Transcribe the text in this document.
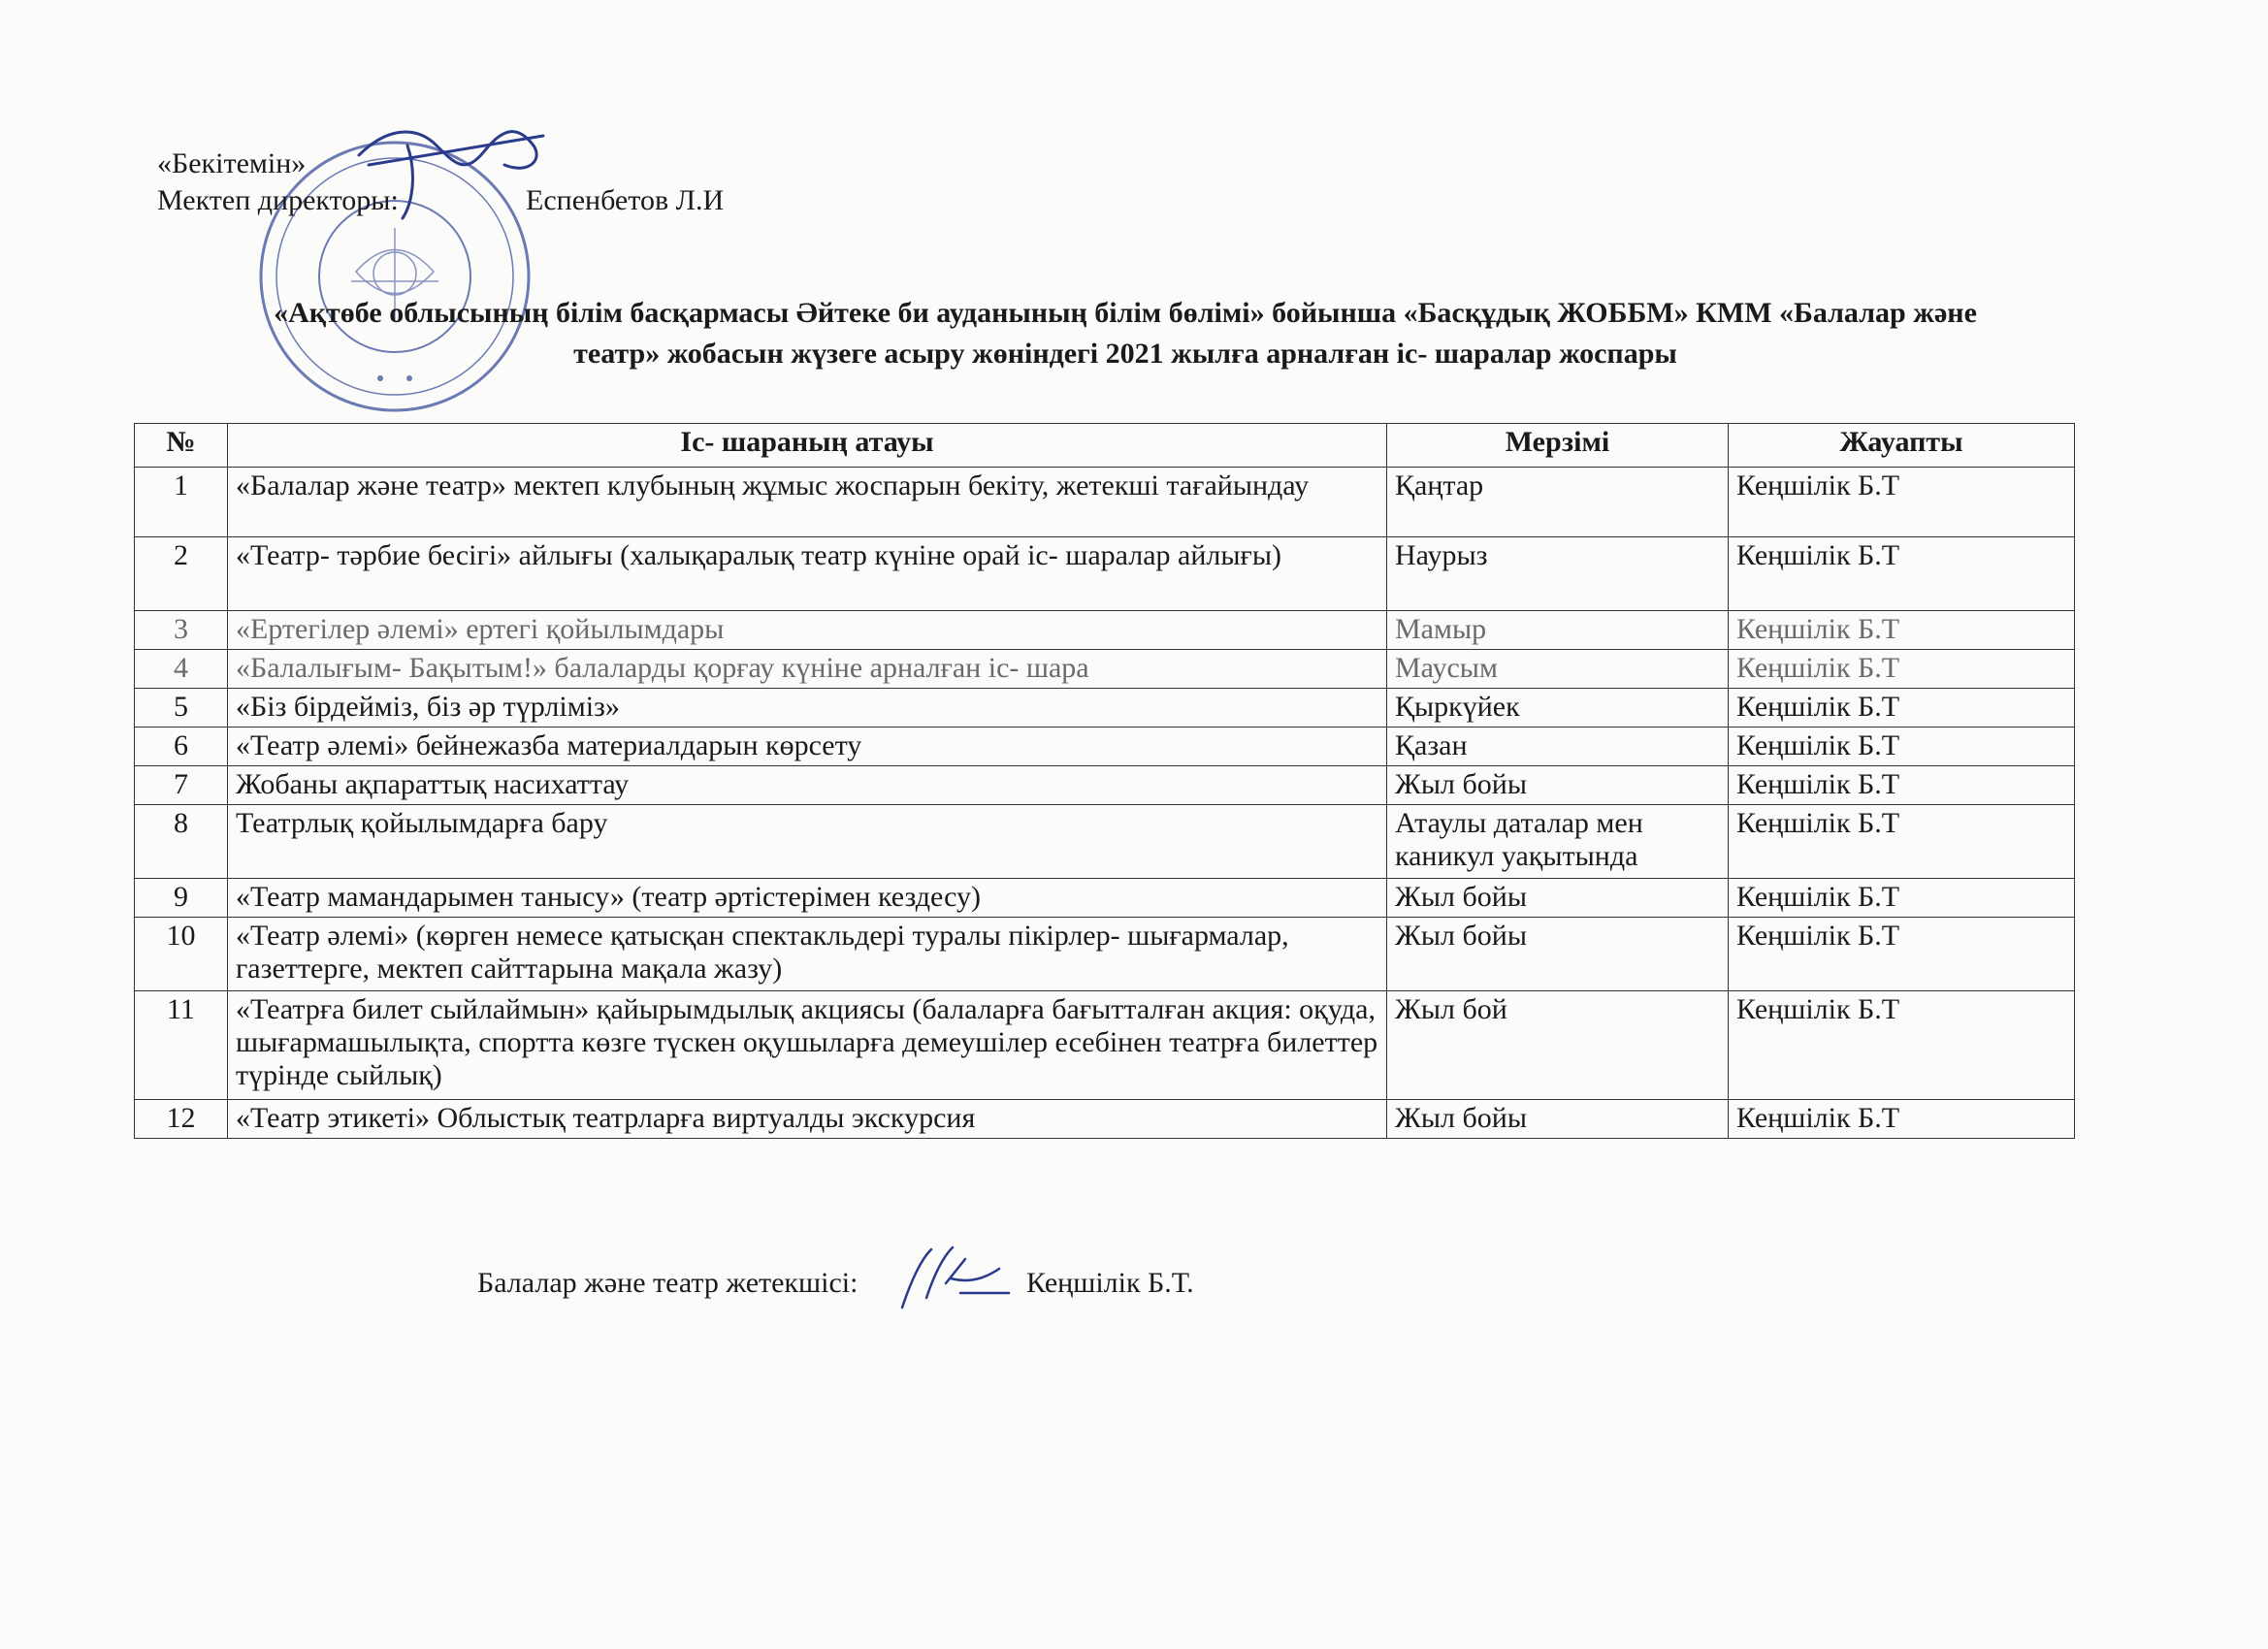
«Бекітемін»
Мектеп директоры:	Еспенбетов Л.И
«Ақтөбе облысының білім басқармасы Әйтеке би ауданының білім бөлімі» бойынша «Басқұдық ЖОББМ» КММ «Балалар және
театр» жобасын жүзеге асыру жөніндегі 2021 жылға арналған іс- шаралар жоспары
№	Іс- шараның атауы	Мерзімі	Жауапты
1	«Балалар және театр» мектеп клубының жұмыс жоспарын бекіту, жетекші тағайындау	Қаңтар	Кеңшілік Б.Т
2	«Театр- тәрбие бесігі» айлығы (халықаралық театр күніне орай іс- шаралар айлығы)	Наурыз	Кеңшілік Б.Т
3	«Ертегілер әлемі» ертегі қойылымдары	Мамыр	Кеңшілік Б.Т
4	«Балалығым- Бақытым!» балаларды қорғау күніне арналған іс- шара	Маусым	Кеңшілік Б.Т
5	«Біз бірдейміз, біз әр түрліміз»	Қыркүйек	Кеңшілік Б.Т
6	«Театр әлемі» бейнежазба материалдарын көрсету	Қазан	Кеңшілік Б.Т
7	Жобаны ақпараттық насихаттау	Жыл бойы	Кеңшілік Б.Т
8	Театрлық қойылымдарға бару	Атаулы даталар мен каникул уақытында	Кеңшілік Б.Т
9	«Театр мамандарымен танысу» (театр әртістерімен кездесу)	Жыл бойы	Кеңшілік Б.Т
10	«Театр әлемі» (көрген немесе қатысқан спектакльдері туралы пікірлер- шығармалар, газеттерге, мектеп сайттарына мақала жазу)	Жыл бойы	Кеңшілік Б.Т
11	«Театрға билет сыйлаймын» қайырымдылық акциясы (балаларға бағытталған акция: оқуда, шығармашылықта, спортта көзге түскен оқушыларға демеушілер есебінен театрға билеттер түрінде сыйлық)	Жыл бой	Кеңшілік Б.Т
12	«Театр этикеті» Облыстық театрларға виртуалды экскурсия	Жыл бойы	Кеңшілік Б.Т
Балалар және театр жетекшісі:	Кеңшілік Б.Т.
